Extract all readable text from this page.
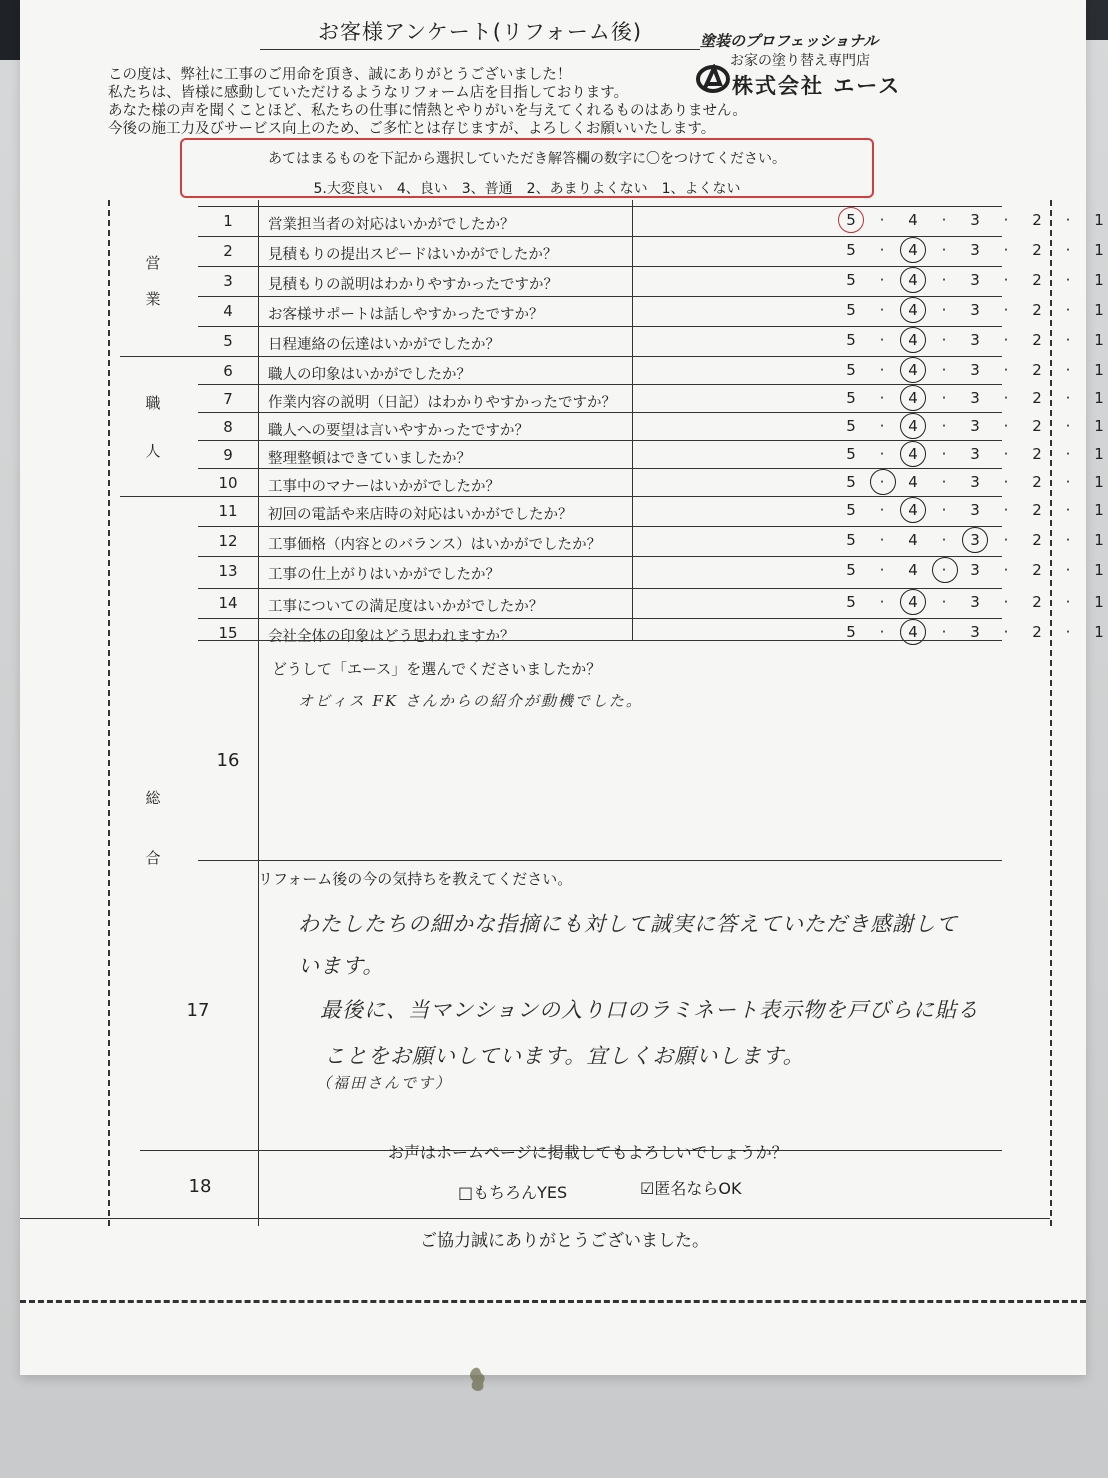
お客様アンケート(リフォーム後)	塗装のプロフェッショナル
お家の塗り替え専門店
株式会社 エース
この度は、弊社に工事のご用命を頂き、誠にありがとうございました！
私たちは、皆様に感動していただけるようなリフォーム店を目指しております。
あなた様の声を聞くことほど、私たちの仕事に情熱とやりがいを与えてくれるものはありません。
今後の施工力及びサービス向上のため、ご多忙とは存じますが、よろしくお願いいたします。
あてはまるものを下記から選択していただき解答欄の数字に〇をつけてください。
5.大変良い　4、良い　3、普通　2、あまりよくない　1、よくない
営
業
職
人
総
合
1	営業担当者の対応はいかがでしたか？	5	·	4	·	3	·	2	·	1
2	見積もりの提出スピードはいかがでしたか？	5	·	4	·	3	·	2	·	1
3	見積もりの説明はわかりやすかったですか？	5	·	4	·	3	·	2	·	1
4	お客様サポートは話しやすかったですか？	5	·	4	·	3	·	2	·	1
5	日程連絡の伝達はいかがでしたか？	5	·	4	·	3	·	2	·	1
6	職人の印象はいかがでしたか？	5	·	4	·	3	·	2	·	1
7	作業内容の説明（日記）はわかりやすかったですか？	5	·	4	·	3	·	2	·	1
8	職人への要望は言いやすかったですか？	5	·	4	·	3	·	2	·	1
9	整理整頓はできていましたか？	5	·	4	·	3	·	2	·	1
10	工事中のマナーはいかがでしたか？	5	·	4	·	3	·	2	·	1
11	初回の電話や来店時の対応はいかがでしたか？	5	·	4	·	3	·	2	·	1
12	工事価格（内容とのバランス）はいかがでしたか？	5	·	4	·	3	·	2	·	1
13	工事の仕上がりはいかがでしたか？	5	·	4	·	3	·	2	·	1
14	工事についての満足度はいかがでしたか？	5	·	4	·	3	·	2	·	1
15	会社全体の印象はどう思われますか？	5	·	4	·	3	·	2	·	1
16
どうして「エース」を選んでくださいましたか？
オビィス FK さんからの紹介が動機でした。
17
リフォーム後の今の気持ちを教えてください。
わたしたちの細かな指摘にも対して誠実に答えていただき感謝して
います。
最後に、当マンションの入り口のラミネート表示物を戸びらに貼る
ことをお願いしています。宜しくお願いします。
（福田さんです）
18
お声はホームページに掲載してもよろしいでしょうか？
□もちろんYES	☑匿名ならOK
ご協力誠にありがとうございました。
